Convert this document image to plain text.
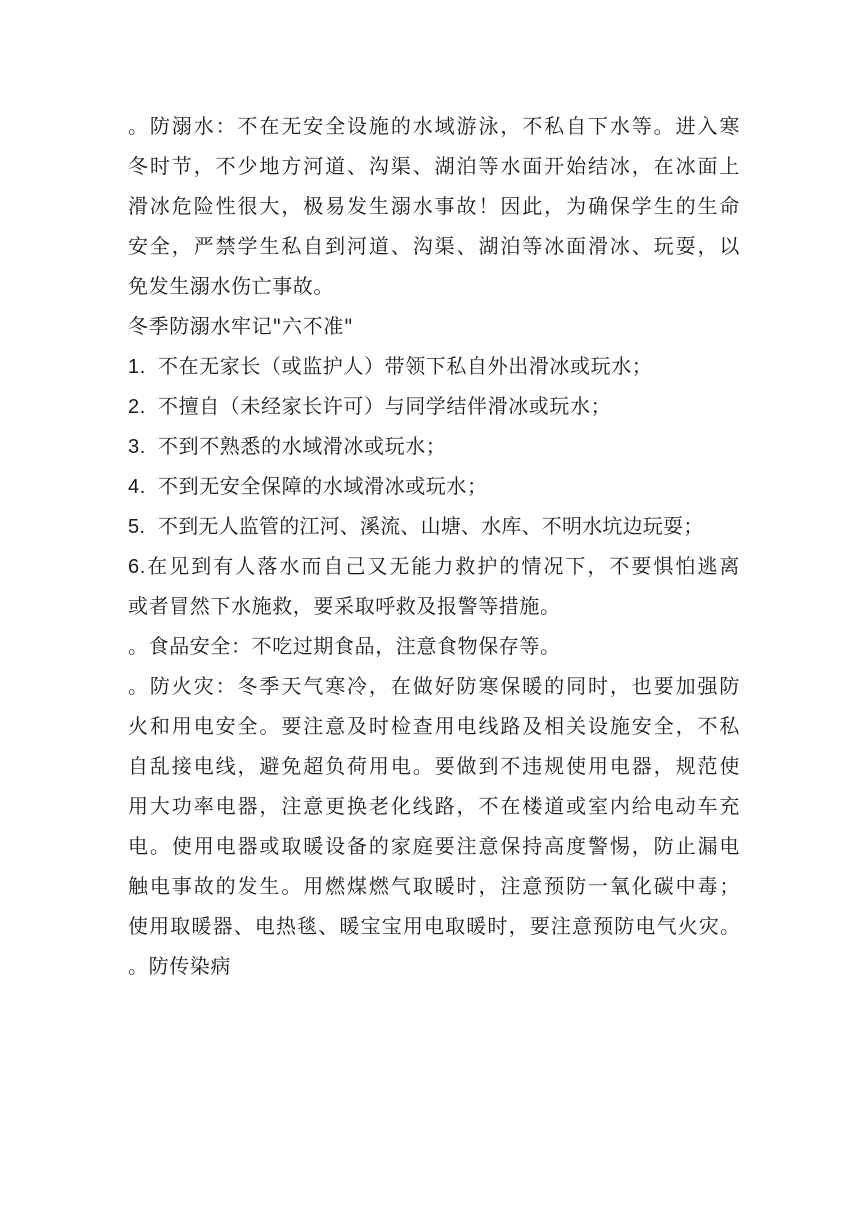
。防溺水：不在无安全设施的水域游泳，不私自下水等。进入寒
冬时节，不少地方河道、沟渠、湖泊等水面开始结冰，在冰面上
滑冰危险性很大，极易发生溺水事故！因此，为确保学生的生命
安全，严禁学生私自到河道、沟渠、湖泊等冰面滑冰、玩耍，以
免发生溺水伤亡事故。
冬季防溺水牢记"六不准"
1. 不在无家长（或监护人）带领下私自外出滑冰或玩水；
2. 不擅自（未经家长许可）与同学结伴滑冰或玩水；
3. 不到不熟悉的水域滑冰或玩水；
4. 不到无安全保障的水域滑冰或玩水；
5. 不到无人监管的江河、溪流、山塘、水库、不明水坑边玩耍；
6.在见到有人落水而自己又无能力救护的情况下，不要惧怕逃离
或者冒然下水施救，要采取呼救及报警等措施。
。食品安全：不吃过期食品，注意食物保存等。
。防火灾：冬季天气寒冷，在做好防寒保暖的同时，也要加强防
火和用电安全。要注意及时检查用电线路及相关设施安全，不私
自乱接电线，避免超负荷用电。要做到不违规使用电器，规范使
用大功率电器，注意更换老化线路，不在楼道或室内给电动车充
电。使用电器或取暖设备的家庭要注意保持高度警惕，防止漏电
触电事故的发生。用燃煤燃气取暖时，注意预防一氧化碳中毒；
使用取暖器、电热毯、暖宝宝用电取暖时，要注意预防电气火灾。
。防传染病
